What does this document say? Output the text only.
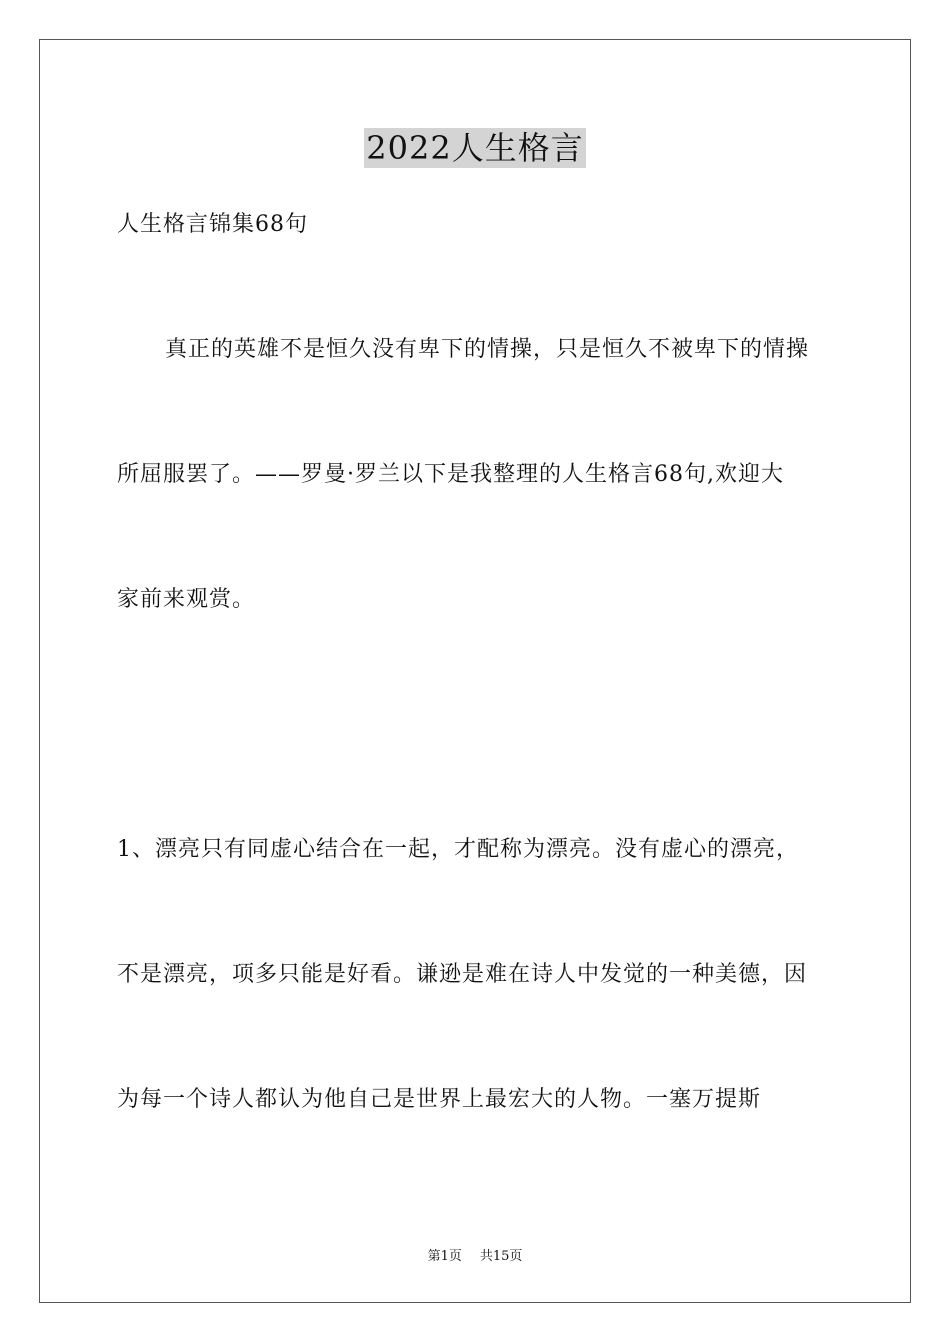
2022人生格言
人生格言锦集68句
真正的英雄不是恒久没有卑下的情操，只是恒久不被卑下的情操
所屈服罢了。——罗曼·罗兰以下是我整理的人生格言68句,欢迎大
家前来观赏。
1、漂亮只有同虚心结合在一起，才配称为漂亮。没有虚心的漂亮，
不是漂亮，项多只能是好看。谦逊是难在诗人中发觉的一种美德，因
为每一个诗人都认为他自己是世界上最宏大的人物。一塞万提斯
第1页 共15页
